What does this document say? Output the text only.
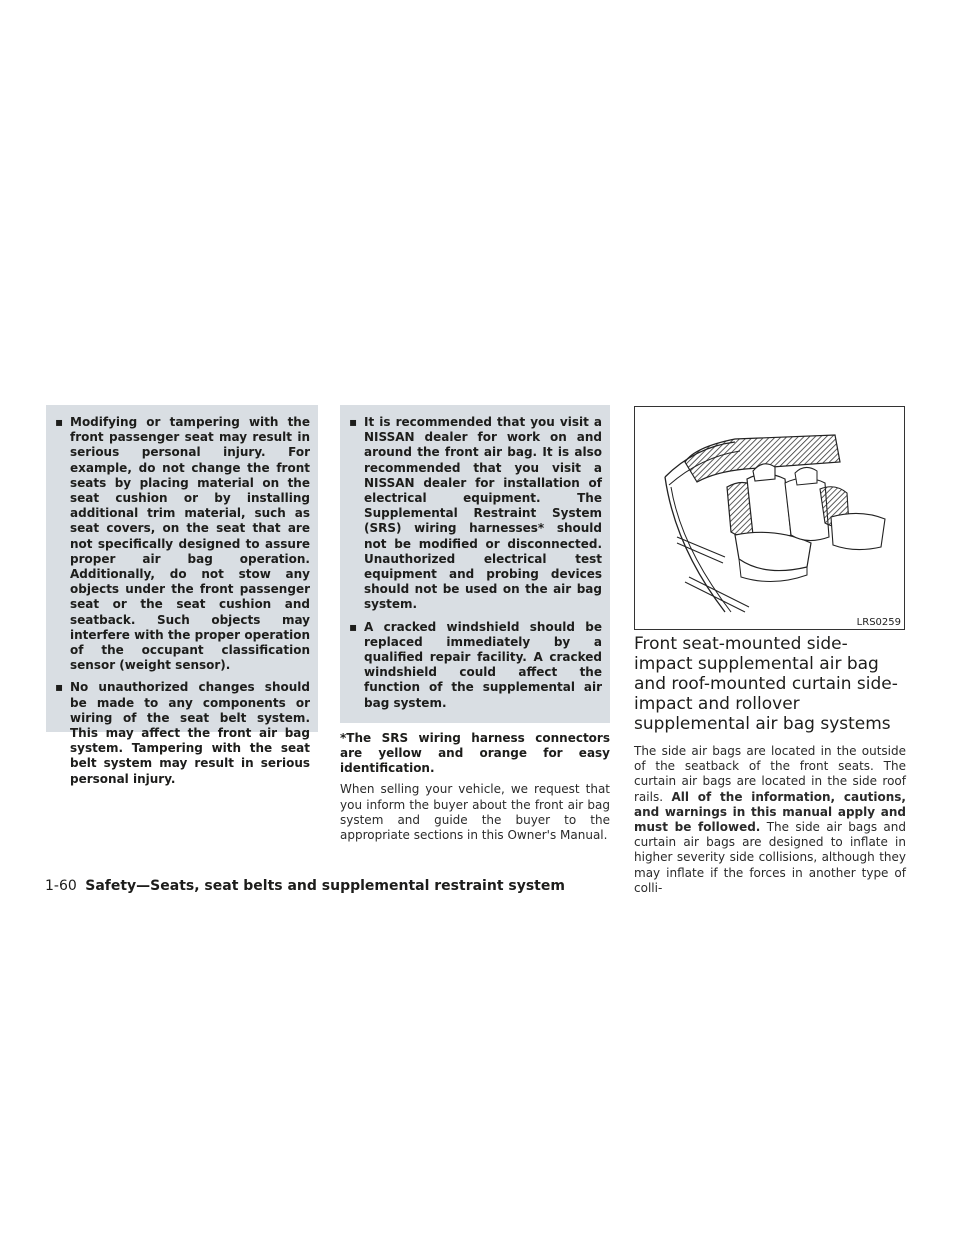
▪ Modifying or tampering with the front passenger seat may result in serious personal injury. For example, do not change the front seats by placing material on the seat cushion or by installing additional trim material, such as seat covers, on the seat that are not specifically designed to assure proper air bag operation. Additionally, do not stow any objects under the front passenger seat or the seat cushion and seatback. Such objects may interfere with the proper operation of the occupant classification sensor (weight sensor).
▪ No unauthorized changes should be made to any components or wiring of the seat belt system. This may affect the front air bag system. Tampering with the seat belt system may result in serious personal injury.
▪ It is recommended that you visit a NISSAN dealer for work on and around the front air bag. It is also recommended that you visit a NISSAN dealer for installation of electrical equipment. The Supplemental Restraint System (SRS) wiring harnesses* should not be modified or disconnected. Unauthorized electrical test equipment and probing devices should not be used on the air bag system.
▪ A cracked windshield should be replaced immediately by a qualified repair facility. A cracked windshield could affect the function of the supplemental air bag system.

*The SRS wiring harness connectors are yellow and orange for easy identification.

When selling your vehicle, we request that you inform the buyer about the front air bag system and guide the buyer to the appropriate sections in this Owner's Manual.

LRS0259
Front seat-mounted side-impact supplemental air bag and roof-mounted curtain side-impact and rollover supplemental air bag systems

The side air bags are located in the outside of the seatback of the front seats. The curtain air bags are located in the side roof rails. All of the information, cautions, and warnings in this manual apply and must be followed. The side air bags and curtain air bags are designed to inflate in higher severity side collisions, although they may inflate if the forces in another type of colli-

1-60 Safety—Seats, seat belts and supplemental restraint system
